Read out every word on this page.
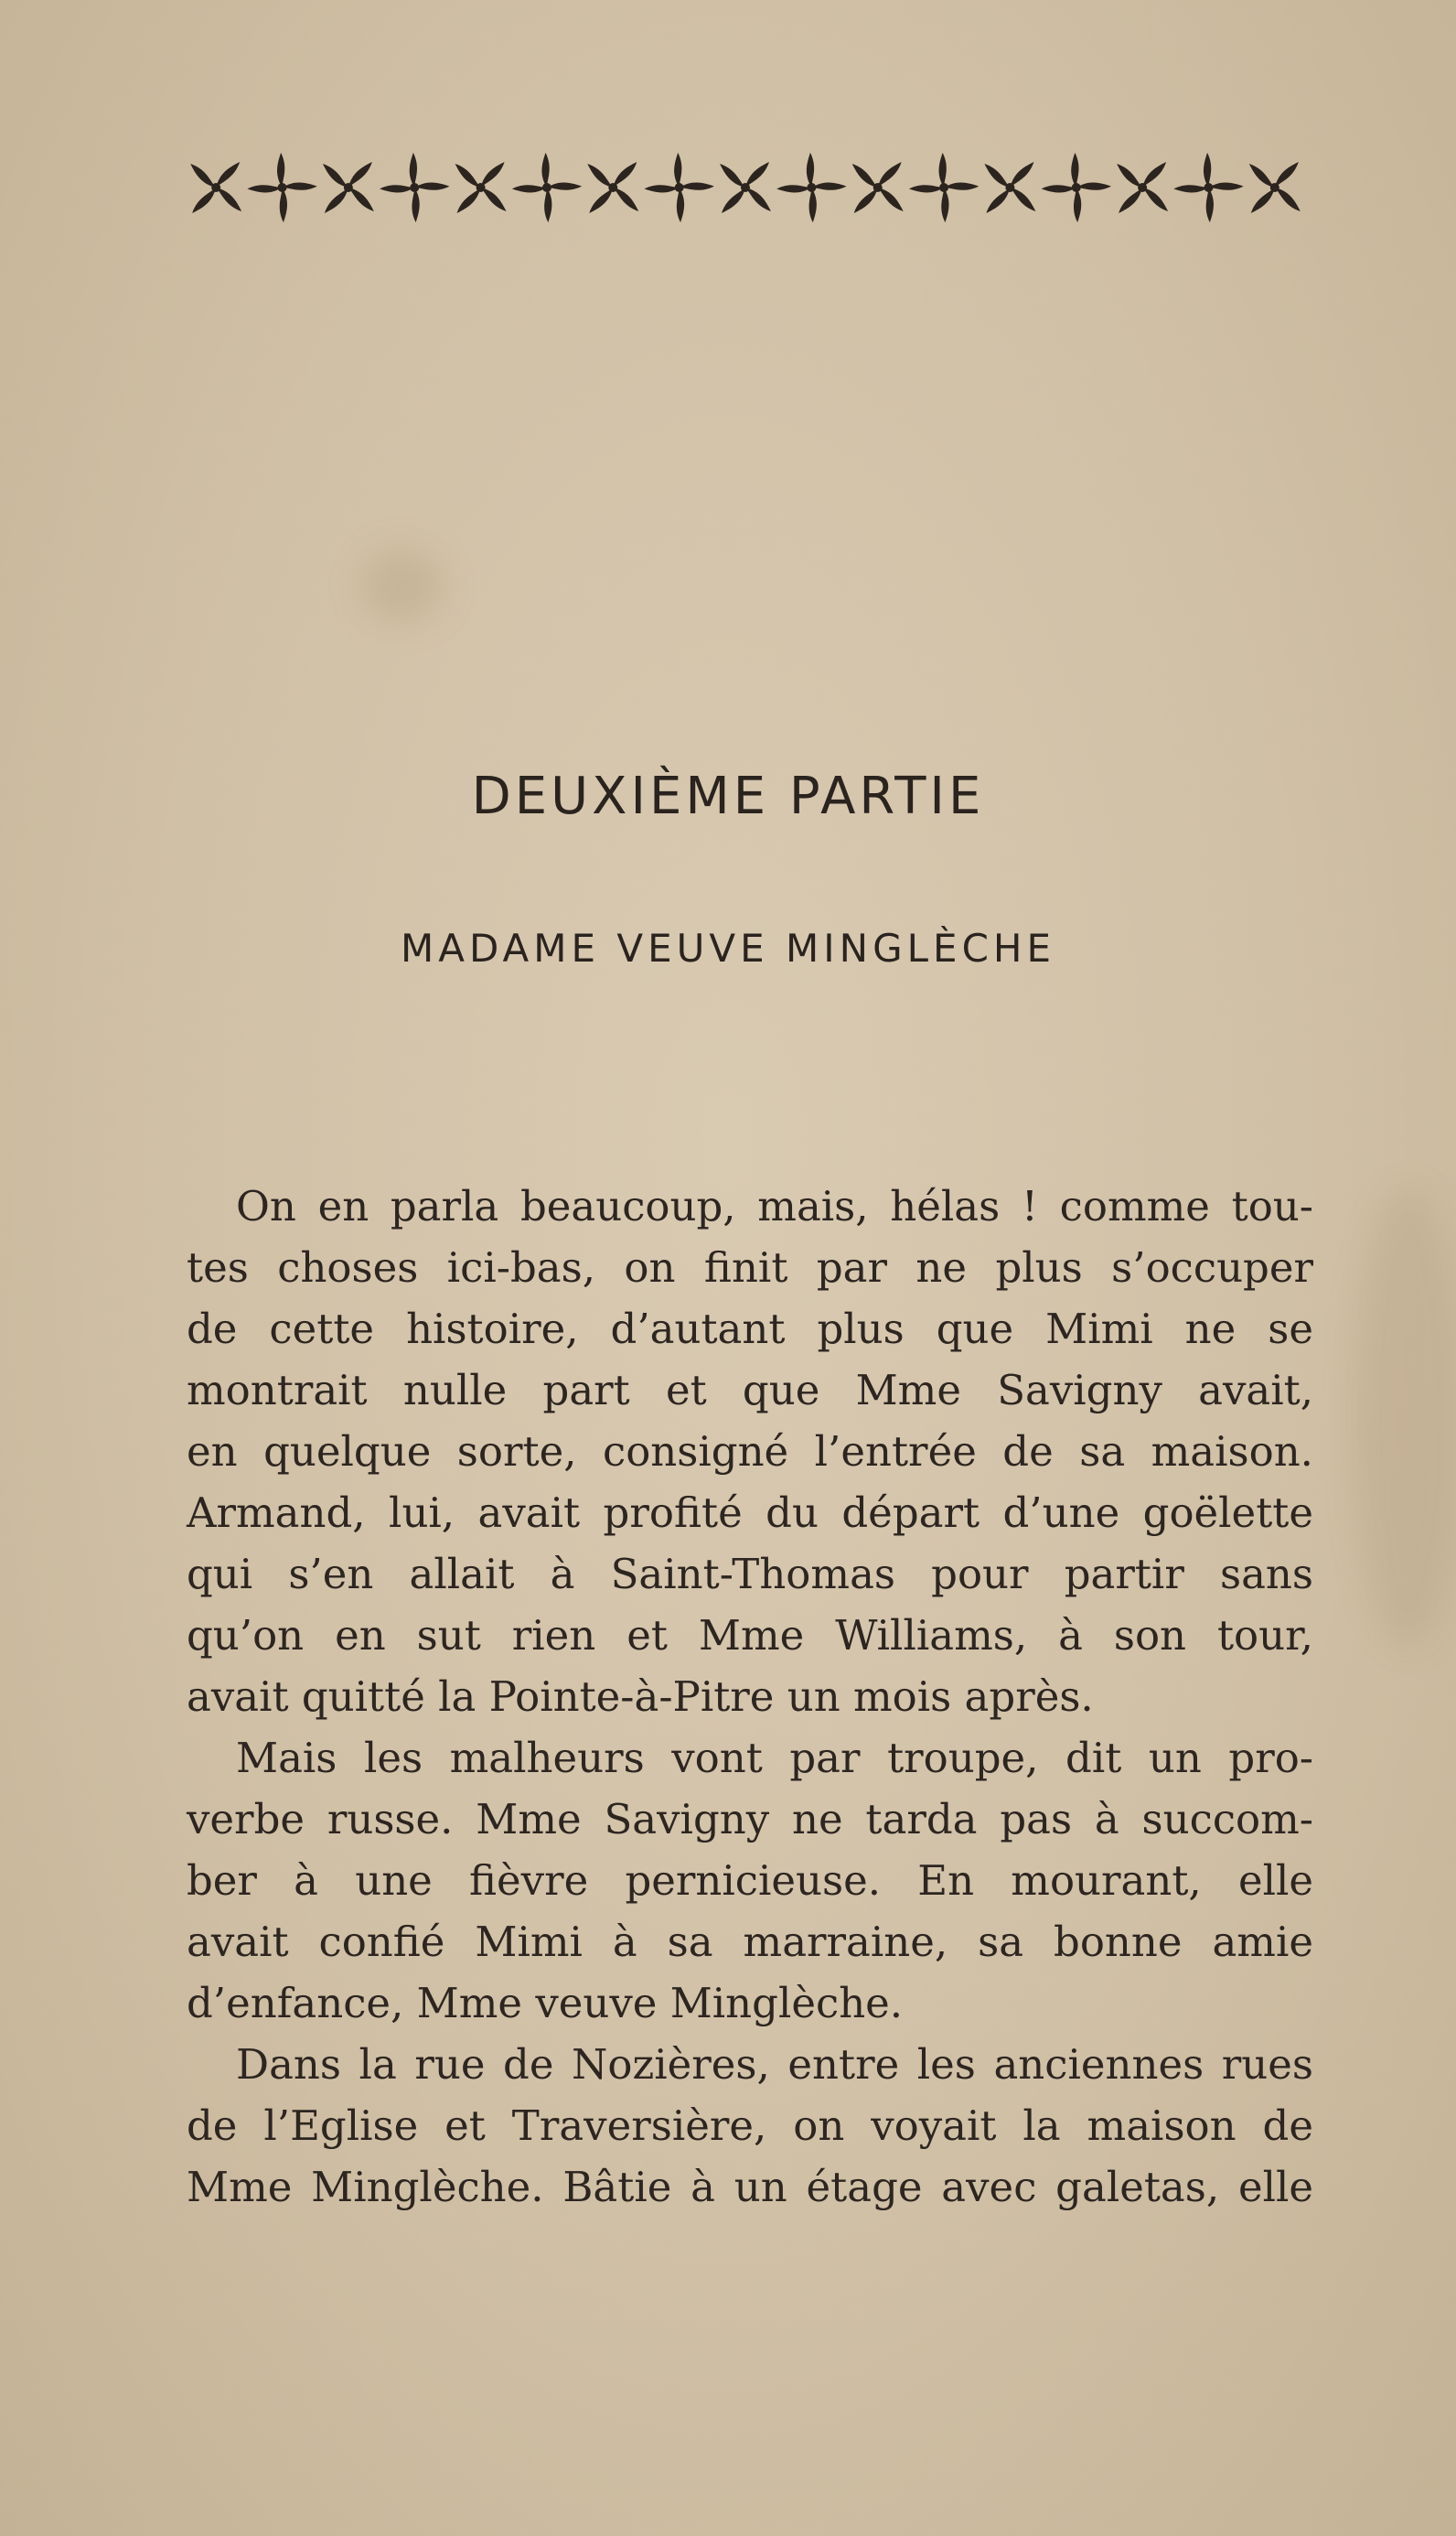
DEUXIÈME PARTIE
MADAME VEUVE MINGLÈCHE
On en parla beaucoup, mais, hélas ! comme tou-
tes choses ici-bas, on finit par ne plus s’occuper
de cette histoire, d’autant plus que Mimi ne se
montrait nulle part et que Mme Savigny avait,
en quelque sorte, consigné l’entrée de sa maison.
Armand, lui, avait profité du départ d’une goëlette
qui s’en allait à Saint-Thomas pour partir sans
qu’on en sut rien et Mme Williams, à son tour,
avait quitté la Pointe-à-Pitre un mois après.
Mais les malheurs vont par troupe, dit un pro-
verbe russe. Mme Savigny ne tarda pas à succom-
ber à une fièvre pernicieuse. En mourant, elle
avait confié Mimi à sa marraine, sa bonne amie
d’enfance, Mme veuve Minglèche.
Dans la rue de Nozières, entre les anciennes rues
de l’Eglise et Traversière, on voyait la maison de
Mme Minglèche. Bâtie à un étage avec galetas, elle
